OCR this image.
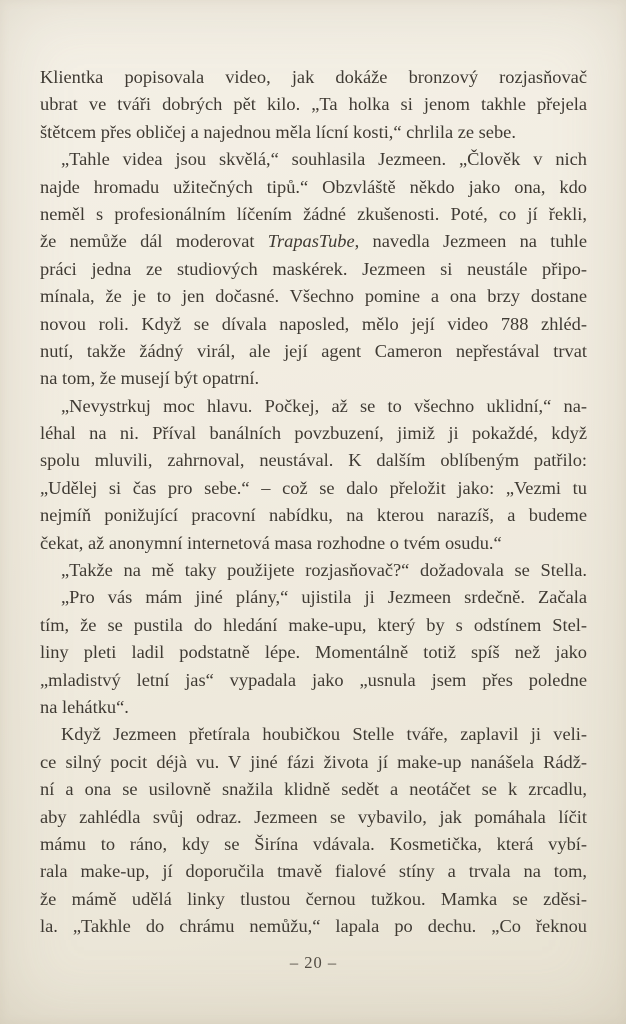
Klientka popisovala video, jak dokáže bronzový rozjasňovač
ubrat ve tváři dobrých pět kilo. „Ta holka si jenom takhle přejela
štětcem přes obličej a najednou měla lícní kosti,“ chrlila ze sebe.
„Tahle videa jsou skvělá,“ souhlasila Jezmeen. „Člověk v nich
najde hromadu užitečných tipů.“ Obzvláště někdo jako ona, kdo
neměl s profesionálním líčením žádné zkušenosti. Poté, co jí řekli,
že nemůže dál moderovat TrapasTube, navedla Jezmeen na tuhle
práci jedna ze studiových maskérek. Jezmeen si neustále připo-
mínala, že je to jen dočasné. Všechno pomine a ona brzy dostane
novou roli. Když se dívala naposled, mělo její video 788 zhléd-
nutí, takže žádný virál, ale její agent Cameron nepřestával trvat
na tom, že musejí být opatrní.
„Nevystrkuj moc hlavu. Počkej, až se to všechno uklidní,“ na-
léhal na ni. Příval banálních povzbuzení, jimiž ji pokaždé, když
spolu mluvili, zahrnoval, neustával. K dalším oblíbeným patřilo:
„Udělej si čas pro sebe.“ – což se dalo přeložit jako: „Vezmi tu
nejmíň ponižující pracovní nabídku, na kterou narazíš, a budeme
čekat, až anonymní internetová masa rozhodne o tvém osudu.“
„Takže na mě taky použijete rozjasňovač?“ dožadovala se Stella.
„Pro vás mám jiné plány,“ ujistila ji Jezmeen srdečně. Začala
tím, že se pustila do hledání make-upu, který by s odstínem Stel-
liny pleti ladil podstatně lépe. Momentálně totiž spíš než jako
„mladistvý letní jas“ vypadala jako „usnula jsem přes poledne
na lehátku“.
Když Jezmeen přetírala houbičkou Stelle tváře, zaplavil ji veli-
ce silný pocit déjà vu. V jiné fázi života jí make-up nanášela Rádž-
ní a ona se usilovně snažila klidně sedět a neotáčet se k zrcadlu,
aby zahlédla svůj odraz. Jezmeen se vybavilo, jak pomáhala líčit
mámu to ráno, kdy se Širína vdávala. Kosmetička, která vybí-
rala make-up, jí doporučila tmavě fialové stíny a trvala na tom,
že mámě udělá linky tlustou černou tužkou. Mamka se zděsi-
la. „Takhle do chrámu nemůžu,“ lapala po dechu. „Co řeknou
– 20 –
